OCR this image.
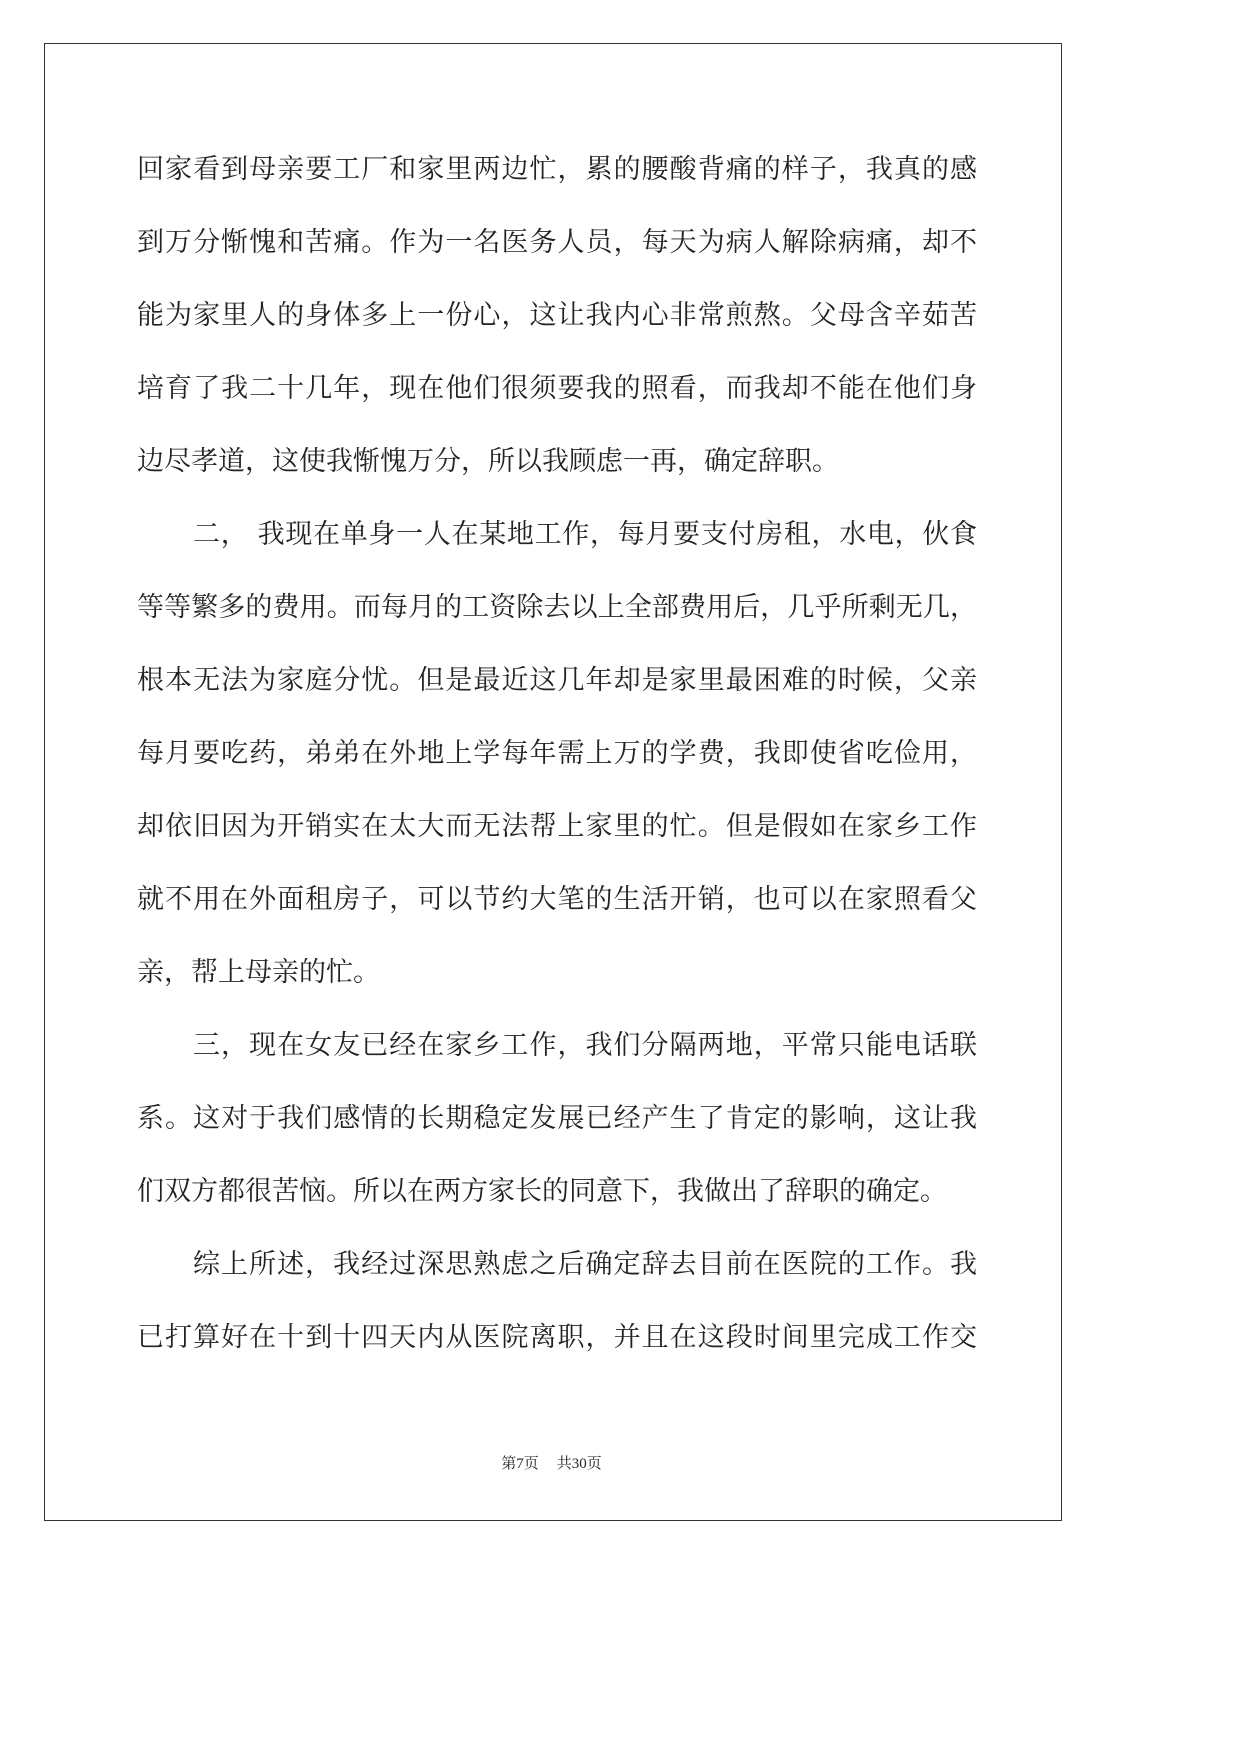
回家看到母亲要工厂和家里两边忙，累的腰酸背痛的样子，我真的感
到万分惭愧和苦痛。作为一名医务人员，每天为病人解除病痛，却不
能为家里人的身体多上一份心，这让我内心非常煎熬。父母含辛茹苦
培育了我二十几年，现在他们很须要我的照看，而我却不能在他们身
边尽孝道，这使我惭愧万分，所以我顾虑一再，确定辞职。
二， 我现在单身一人在某地工作，每月要支付房租，水电，伙食
等等繁多的费用。而每月的工资除去以上全部费用后，几乎所剩无几，
根本无法为家庭分忧。但是最近这几年却是家里最困难的时候，父亲
每月要吃药，弟弟在外地上学每年需上万的学费，我即使省吃俭用，
却依旧因为开销实在太大而无法帮上家里的忙。但是假如在家乡工作
就不用在外面租房子，可以节约大笔的生活开销，也可以在家照看父
亲，帮上母亲的忙。
三，现在女友已经在家乡工作，我们分隔两地，平常只能电话联
系。这对于我们感情的长期稳定发展已经产生了肯定的影响，这让我
们双方都很苦恼。所以在两方家长的同意下，我做出了辞职的确定。
综上所述，我经过深思熟虑之后确定辞去目前在医院的工作。我
已打算好在十到十四天内从医院离职，并且在这段时间里完成工作交
第7页 共30页
